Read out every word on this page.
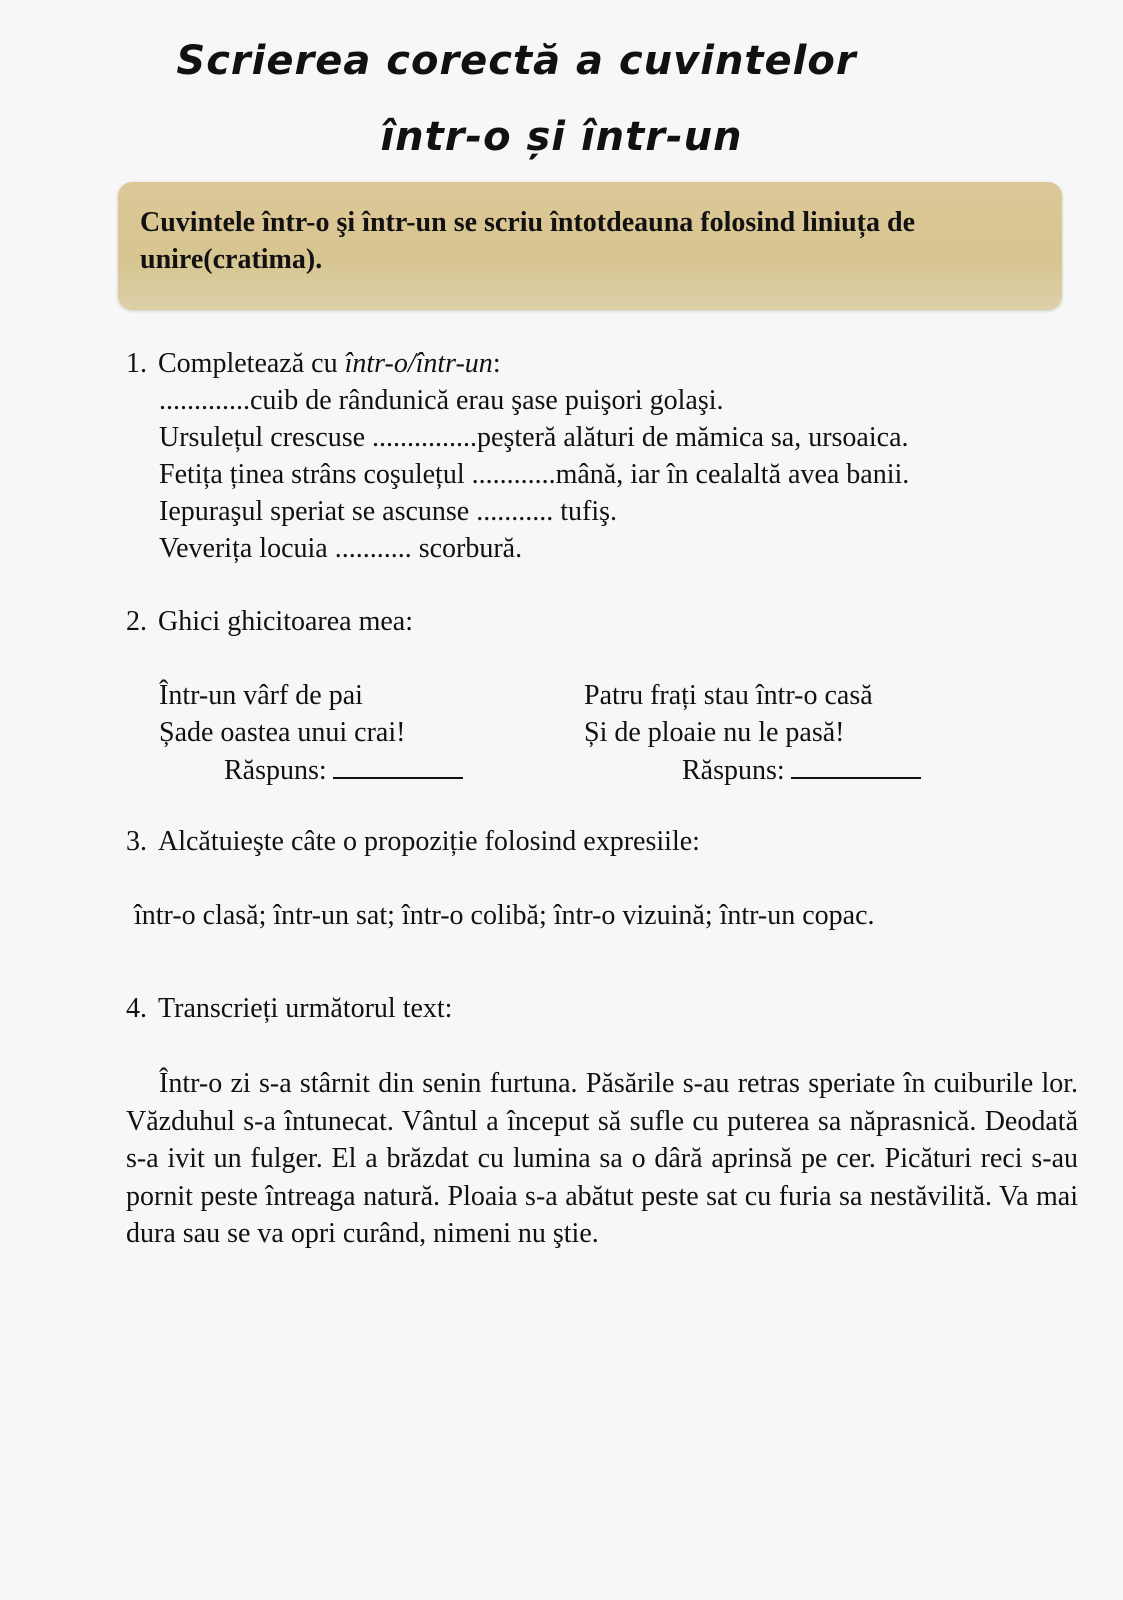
Scrierea corectă a cuvintelor
într-o și într-un
Cuvintele într-o şi într-un se scriu întotdeauna folosind liniuța de unire(cratima).
1. Completează cu într-o/într-un:
.............cuib de rândunică erau şase puişori golaşi.
Ursulețul crescuse ...............peşteră alături de mămica sa, ursoaica.
Fetița ținea strâns coşulețul ............mână, iar în cealaltă avea banii.
Iepuraşul speriat se ascunse ........... tufiş.
Veverița locuia ........... scorbură.
2. Ghici ghicitoarea mea:
Într-un vârf de pai
Șade oastea unui crai!
Răspuns:
Patru frați stau într-o casă
Și de ploaie nu le pasă!
Răspuns:
3. Alcătuieşte câte o propoziție folosind expresiile:
într-o clasă; într-un sat; într-o colibă; într-o vizuină; într-un copac.
4. Transcrieți următorul text:
Într-o zi s-a stârnit din senin furtuna. Păsările s-au retras speriate în cuiburile lor. Văzduhul s-a întunecat. Vântul a început să sufle cu puterea sa năprasnică. Deodată s-a ivit un fulger. El a brăzdat cu lumina sa o dâră aprinsă pe cer. Picături reci s-au pornit peste întreaga natură. Ploaia s-a abătut peste sat cu furia sa nestăvilită. Va mai dura sau se va opri curând, nimeni nu ştie.
